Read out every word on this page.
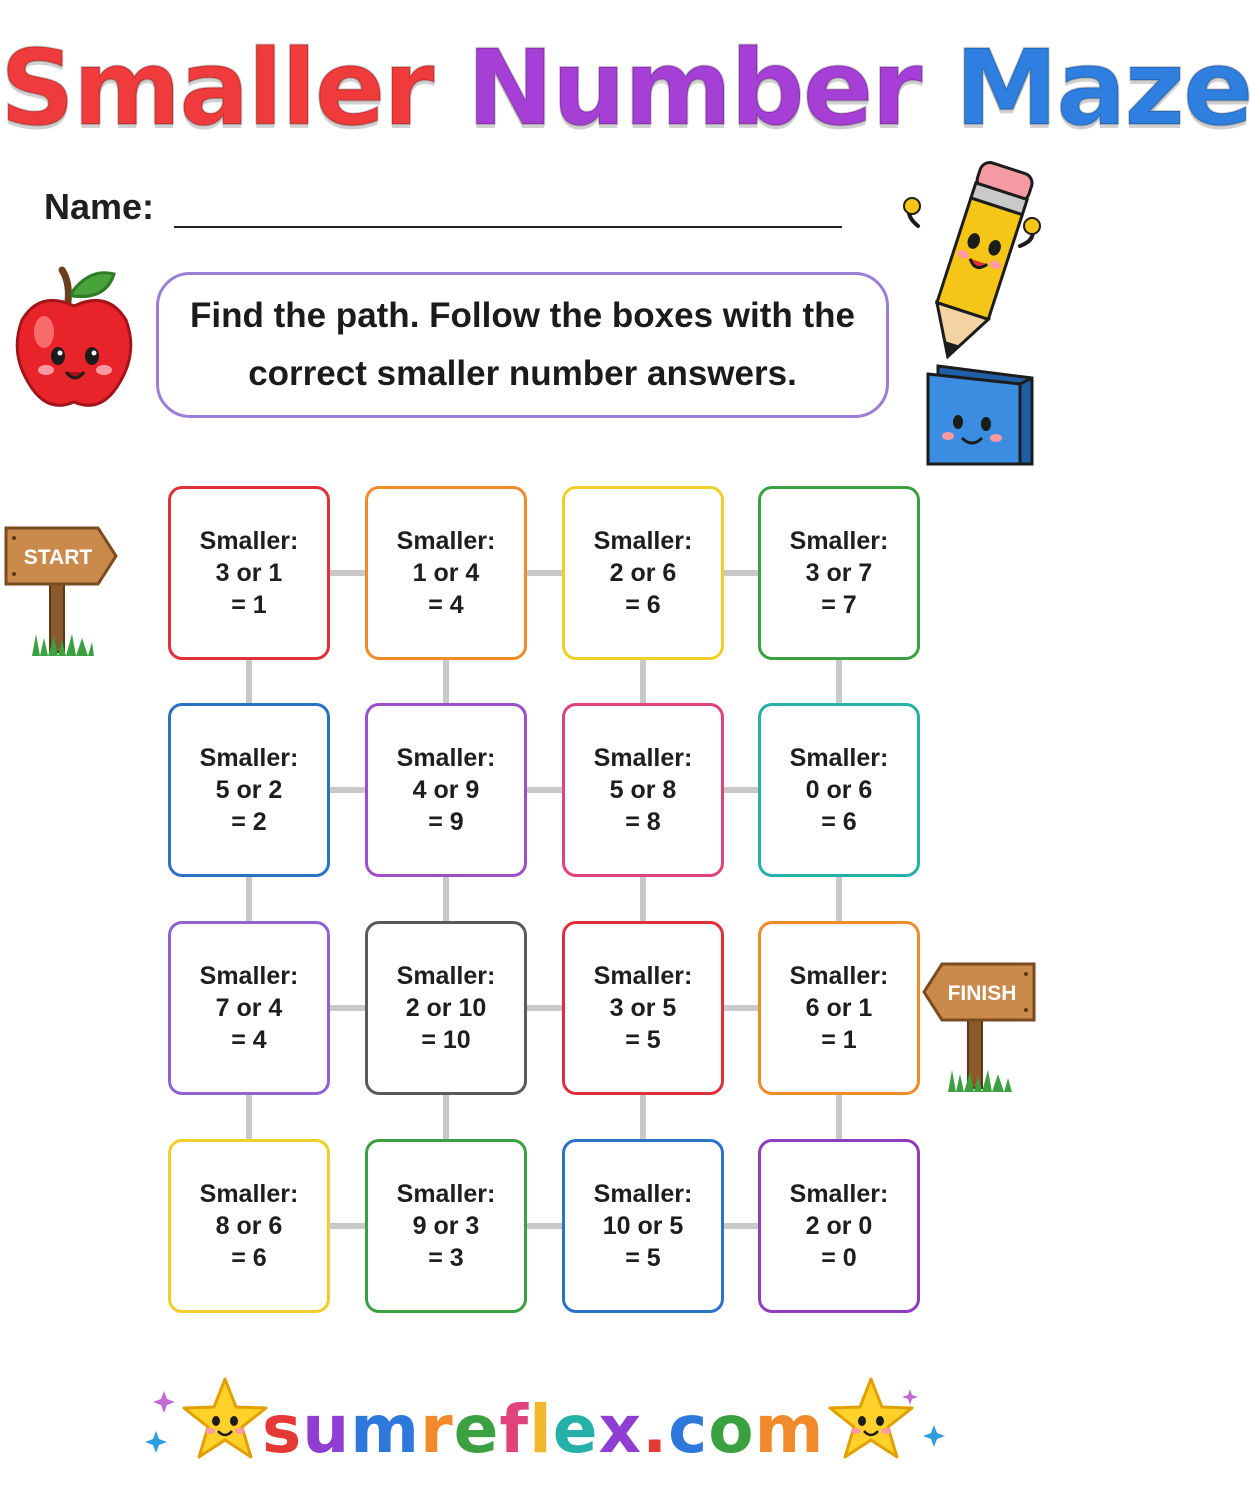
Smaller Number Maze
Name:
Find the path. Follow the boxes with the correct smaller number answers.
Smaller:
3 or 1
= 1
Smaller:
1 or 4
= 4
Smaller:
2 or 6
= 6
Smaller:
3 or 7
= 7
Smaller:
5 or 2
= 2
Smaller:
4 or 9
= 9
Smaller:
5 or 8
= 8
Smaller:
0 or 6
= 6
Smaller:
7 or 4
= 4
Smaller:
2 or 10
= 10
Smaller:
3 or 5
= 5
Smaller:
6 or 1
= 1
Smaller:
8 or 6
= 6
Smaller:
9 or 3
= 3
Smaller:
10 or 5
= 5
Smaller:
2 or 0
= 0
START
FINISH
sumreflex.com
